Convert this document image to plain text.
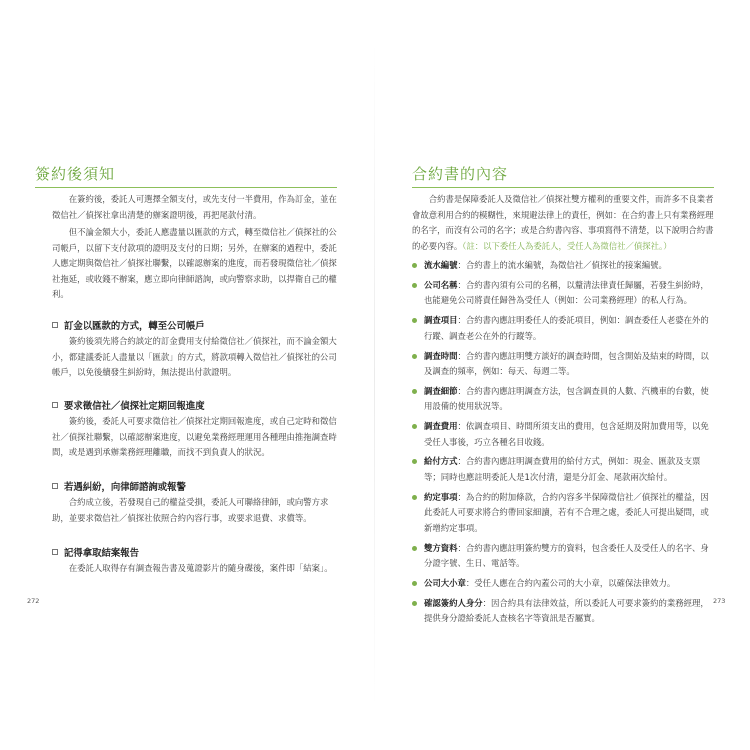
簽約後須知

在簽約後，委託人可選擇全額支付，或先支付一半費用，作為訂金，並在徵信社／偵探社拿出清楚的辦案證明後，再把尾款付清。

但不論金額大小，委託人應盡量以匯款的方式，轉至徵信社／偵探社的公司帳戶，以留下支付款項的證明及支付的日期；另外，在辦案的過程中，委託人應定期與徵信社／偵探社聯繫，以確認辦案的進度，而若發現徵信社／偵探社拖延，或收錢不辦案，應立即向律師諮詢，或向警察求助，以捍衛自己的權利。

訂金以匯款的方式，轉至公司帳戶

簽約後須先將合約談定的訂金費用支付給徵信社／偵探社，而不論金額大小，都建議委託人盡量以「匯款」的方式，將款項轉入徵信社／偵探社的公司帳戶，以免後續發生糾紛時，無法提出付款證明。

要求徵信社／偵探社定期回報進度

簽約後，委託人可要求徵信社／偵探社定期回報進度，或自己定時和徵信社／偵探社聯繫，以確認辦案進度，以避免業務經理運用各種理由推拖調查時間，或是遇到承辦業務經理離職，而找不到負責人的狀況。

若遇糾紛，向律師諮詢或報警

合約成立後，若發現自己的權益受損，委託人可聯絡律師，或向警方求助，並要求徵信社／偵探社依照合約內容行事，或要求退費、求償等。

記得拿取結案報告

在委託人取得存有調查報告書及蒐證影片的隨身碟後，案件即「結案」。

272
合約書的內容

合約書是保障委託人及徵信社／偵探社雙方權利的重要文件，而許多不良業者會故意利用合約的模糊性，來規避法律上的責任，例如：在合約書上只有業務經理的名字，而沒有公司的名字；或是合約書內容、事項寫得不清楚，以下說明合約書的必要內容。（註：以下委任人為委託人，受任人為徵信社／偵探社。）

流水編號：合約書上的流水編號，為徵信社／偵探社的接案編號。
公司名稱：合約書內須有公司的名稱，以釐清法律責任歸屬，若發生糾紛時，也能避免公司將責任歸咎為受任人（例如：公司業務經理）的私人行為。
調查項目：合約書內應註明委任人的委託項目，例如：調查委任人老婆在外的行蹤、調查老公在外的行蹤等。
調查時間：合約書內應註明雙方談好的調查時間，包含開始及結束的時間，以及調查的頻率，例如：每天、每週二等。
調查細節：合約書內應註明調查方法，包含調查員的人數、汽機車的台數，使用設備的使用狀況等。
調查費用：依調查項目、時間所須支出的費用，包含延期及附加費用等，以免受任人事後，巧立各種名目收錢。
給付方式：合約書內應註明調查費用的給付方式，例如：現金、匯款及支票等；同時也應註明委託人是1次付清，還是分訂金、尾款兩次給付。
約定事項：為合約的附加條款，合約內容多半保障徵信社／偵探社的權益，因此委託人可要求將合約帶回家細讀，若有不合理之處，委託人可提出疑問，或新增約定事項。
雙方資料：合約書內應註明簽約雙方的資料，包含委任人及受任人的名字、身分證字號、生日、電話等。
公司大小章：受任人應在合約內蓋公司的大小章，以確保法律效力。
確認簽約人身分：因合約具有法律效益，所以委託人可要求簽約的業務經理，提供身分證給委託人查核名字等資訊是否屬實。
273
